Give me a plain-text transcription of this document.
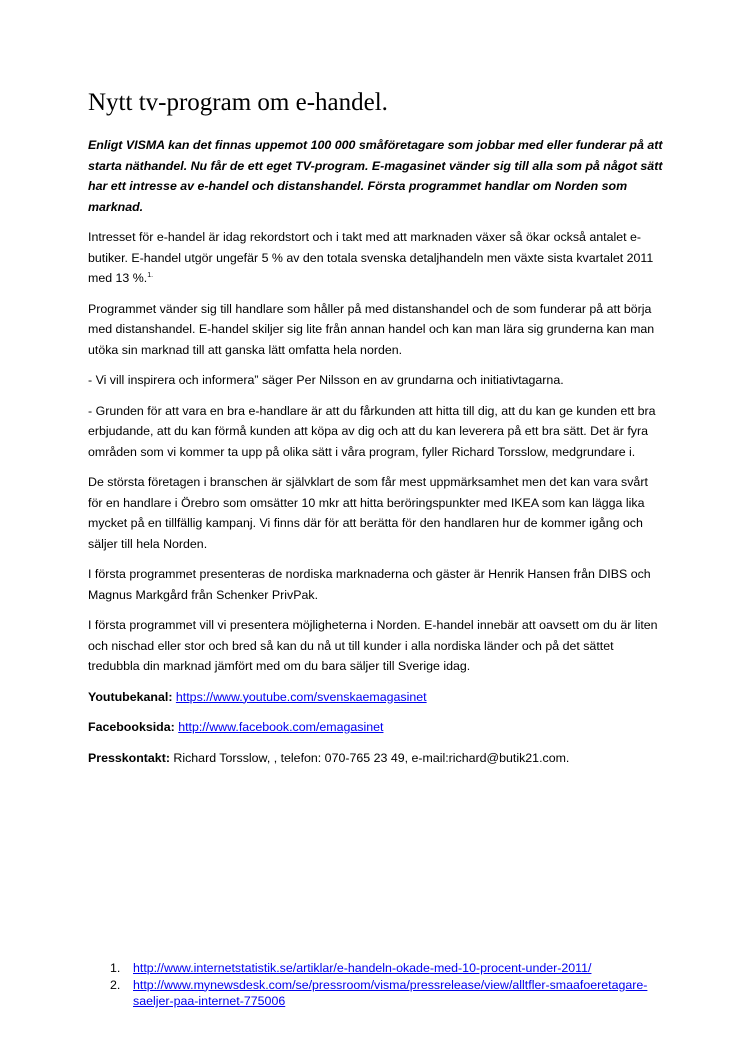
Nytt tv-program om e-handel.

Enligt VISMA kan det finnas uppemot 100 000 småföretagare som jobbar med eller funderar på att starta näthandel. Nu får de ett eget TV-program. E-magasinet vänder sig till alla som på något sätt har ett intresse av e-handel och distanshandel. Första programmet handlar om Norden som marknad.

Intresset för e-handel är idag rekordstort och i takt med att marknaden växer så ökar också antalet e-butiker. E-handel utgör ungefär 5 % av den totala svenska detaljhandeln men växte sista kvartalet 2011 med 13 %.$^{1.}$

Programmet vänder sig till handlare som håller på med distanshandel och de som funderar på att börja med distanshandel. E-handel skiljer sig lite från annan handel och kan man lära sig grunderna kan man utöka sin marknad till att ganska lätt omfatta hela norden.

- Vi vill inspirera och informera” säger Per Nilsson en av grundarna och initiativtagarna.

- Grunden för att vara en bra e-handlare är att du fårkunden att hitta till dig, att du kan ge kunden ett bra erbjudande, att du kan förmå kunden att köpa av dig och att du kan leverera på ett bra sätt. Det är fyra områden som vi kommer ta upp på olika sätt i våra program, fyller Richard Torsslow, medgrundare i.

De största företagen i branschen är självklart de som får mest uppmärksamhet men det kan vara svårt för en handlare i Örebro som omsätter 10 mkr att hitta beröringspunkter med IKEA som kan lägga lika mycket på en tillfällig kampanj. Vi finns där för att berätta för den handlaren hur de kommer igång och säljer till hela Norden.

I första programmet presenteras de nordiska marknaderna och gäster är Henrik Hansen från DIBS och Magnus Markgård från Schenker PrivPak.

I första programmet vill vi presentera möjligheterna i Norden. E-handel innebär att oavsett om du är liten och nischad eller stor och bred så kan du nå ut till kunder i alla nordiska länder och på det sättet tredubbla din marknad jämfört med om du bara säljer till Sverige idag.

Youtubekanal: https://www.youtube.com/svenskaemagasinet

Facebooksida: http://www.facebook.com/emagasinet

Presskontakt: Richard Torsslow, , telefon: 070-765 23 49, e-mail:richard@butik21.com.

1. http://www.internetstatistik.se/artiklar/e-handeln-okade-med-10-procent-under-2011/
2. http://www.mynewsdesk.com/se/pressroom/visma/pressrelease/view/alltfler-smaafoeretagare-saeljer-paa-internet-775006
